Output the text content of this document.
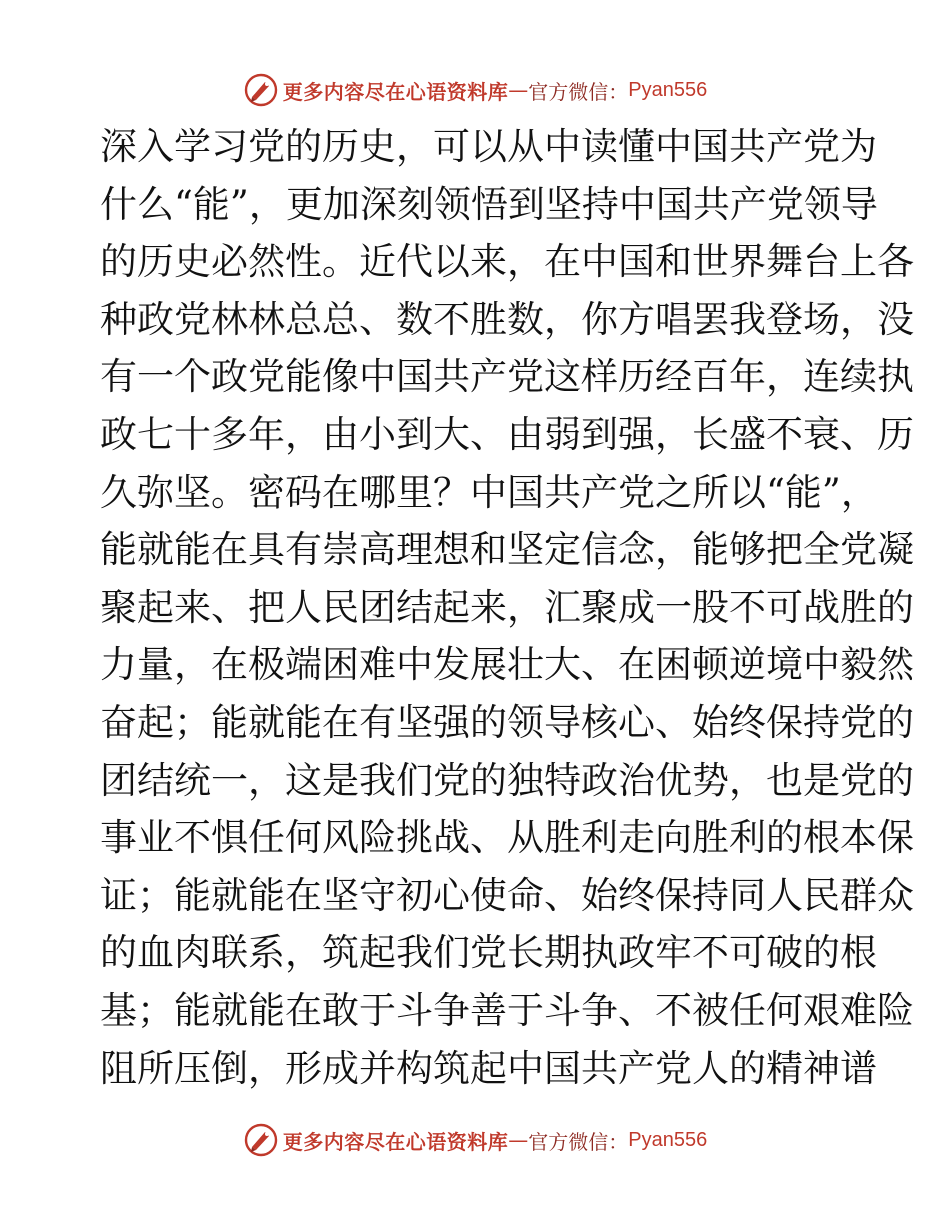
更多内容尽在心语资料库 — 官方微信： Pyan556
深入学习党的历史，可以从中读懂中国共产党为
什么“能”，更加深刻领悟到坚持中国共产党领导
的历史必然性。近代以来，在中国和世界舞台上各
种政党林林总总、数不胜数，你方唱罢我登场，没
有一个政党能像中国共产党这样历经百年，连续执
政七十多年，由小到大、由弱到强，长盛不衰、历
久弥坚。密码在哪里？中国共产党之所以“能”，
能就能在具有崇高理想和坚定信念，能够把全党凝
聚起来、把人民团结起来，汇聚成一股不可战胜的
力量，在极端困难中发展壮大、在困顿逆境中毅然
奋起；能就能在有坚强的领导核心、始终保持党的
团结统一，这是我们党的独特政治优势，也是党的
事业不惧任何风险挑战、从胜利走向胜利的根本保
证；能就能在坚守初心使命、始终保持同人民群众
的血肉联系，筑起我们党长期执政牢不可破的根
基；能就能在敢于斗争善于斗争、不被任何艰难险
阻所压倒，形成并构筑起中国共产党人的精神谱
更多内容尽在心语资料库 — 官方微信： Pyan556
